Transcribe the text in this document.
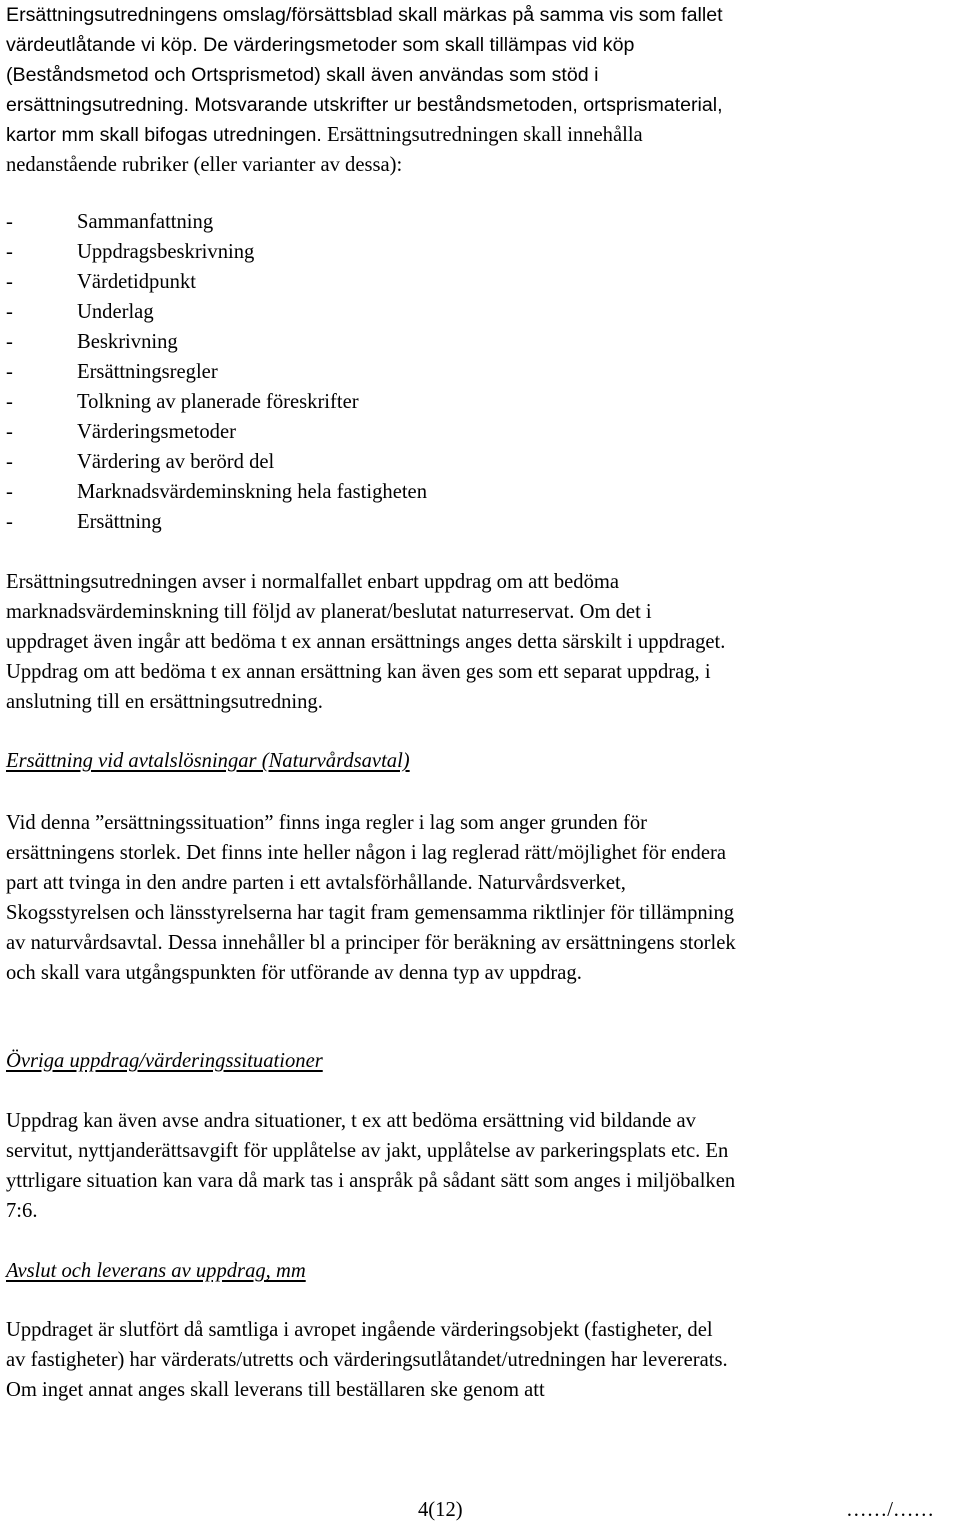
Ersättningsutredningens omslag/försättsblad skall märkas på samma vis som fallet
värdeutlåtande vi köp. De värderingsmetoder som skall tillämpas vid köp
(Beståndsmetod och Ortsprismetod) skall även användas som stöd i
ersättningsutredning. Motsvarande utskrifter ur beståndsmetoden, ortsprismaterial,
kartor mm skall bifogas utredningen. Ersättningsutredningen skall innehålla
nedanstående rubriker (eller varianter av dessa):
-	Sammanfattning
-	Uppdragsbeskrivning
-	Värdetidpunkt
-	Underlag
-	Beskrivning
-	Ersättningsregler
-	Tolkning av planerade föreskrifter
-	Värderingsmetoder
-	Värdering av berörd del
-	Marknadsvärdeminskning hela fastigheten
-	Ersättning
Ersättningsutredningen avser i normalfallet enbart uppdrag om att bedöma
marknadsvärdeminskning till följd av planerat/beslutat naturreservat. Om det i
uppdraget även ingår att bedöma t ex annan ersättnings anges detta särskilt i uppdraget.
Uppdrag om att bedöma t ex annan ersättning kan även ges som ett separat uppdrag, i
anslutning till en ersättningsutredning.
Ersättning vid avtalslösningar (Naturvårdsavtal)
Vid denna ”ersättningssituation” finns inga regler i lag som anger grunden för
ersättningens storlek. Det finns inte heller någon i lag reglerad rätt/möjlighet för endera
part att tvinga in den andre parten i ett avtalsförhållande. Naturvårdsverket,
Skogsstyrelsen och länsstyrelserna har tagit fram gemensamma riktlinjer för tillämpning
av naturvårdsavtal. Dessa innehåller bl a principer för beräkning av ersättningens storlek
och skall vara utgångspunkten för utförande av denna typ av uppdrag.
Övriga uppdrag/värderingssituationer
Uppdrag kan även avse andra situationer, t ex att bedöma ersättning vid bildande av
servitut, nyttjanderättsavgift för upplåtelse av jakt, upplåtelse av parkeringsplats etc. En
yttrligare situation kan vara då mark tas i anspråk på sådant sätt som anges i miljöbalken
7:6.
Avslut och leverans av uppdrag, mm
Uppdraget är slutfört då samtliga i avropet ingående värderingsobjekt (fastigheter, del
av fastigheter) har värderats/utretts och värderingsutlåtandet/utredningen har levererats.
Om inget annat anges skall leverans till beställaren ske genom att
4(12)	……/……
